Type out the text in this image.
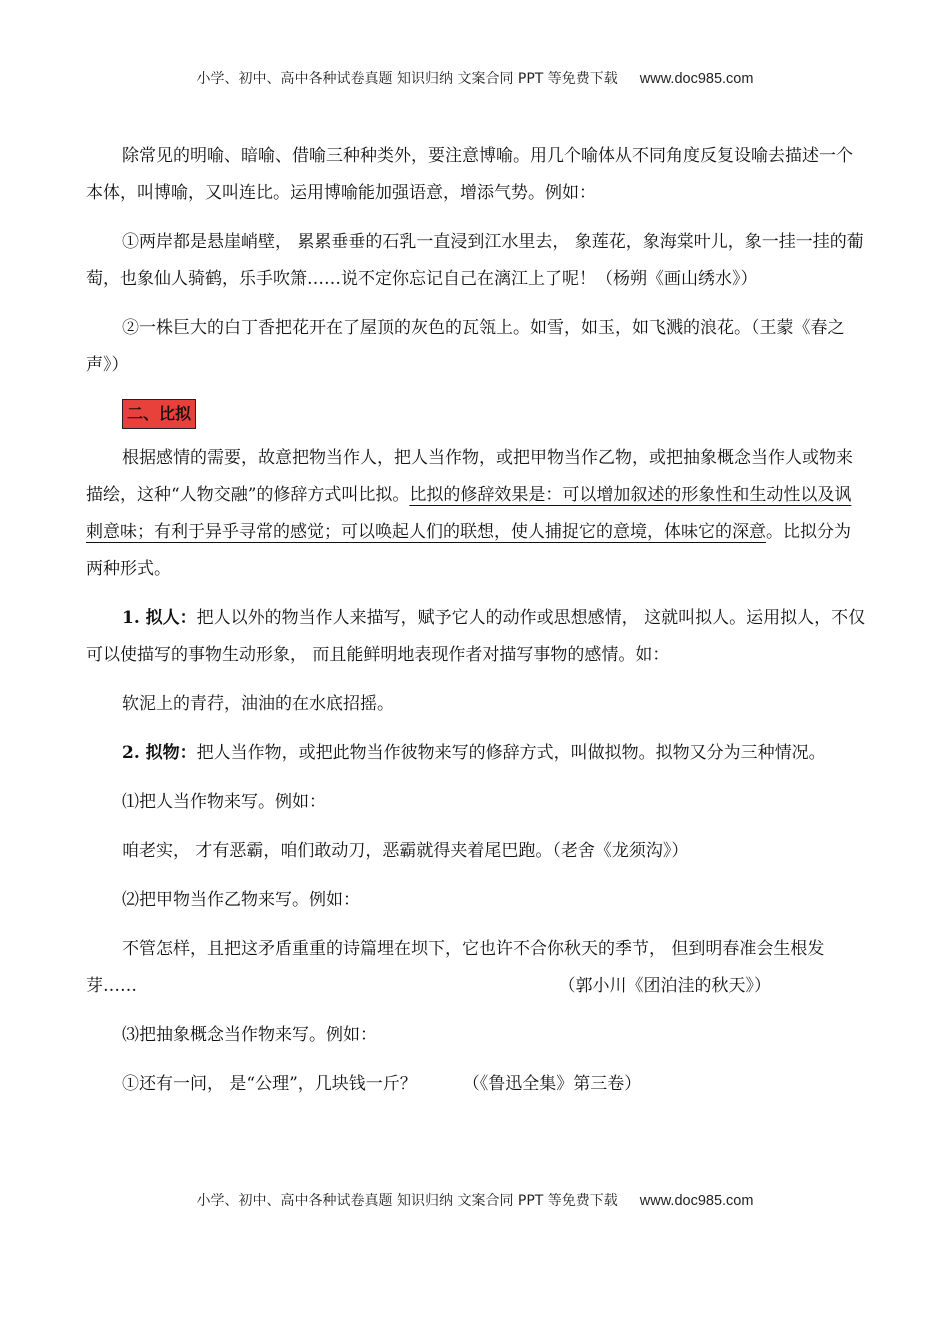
小学、初中、高中各种试卷真题 知识归纳 文案合同 PPT 等免费下载 www.doc985.com

除常见的明喻、暗喻、借喻三种种类外，要注意博喻。用几个喻体从不同角度反复设喻去描述一个本体，叫博喻，又叫连比。运用博喻能加强语意，增添气势。例如：

①两岸都是悬崖峭壁， 累累垂垂的石乳一直浸到江水里去， 象莲花，象海棠叶儿，象一挂一挂的葡萄，也象仙人骑鹤，乐手吹箫……说不定你忘记自己在漓江上了呢！（杨朔《画山绣水》）

②一株巨大的白丁香把花开在了屋顶的灰色的瓦瓴上。如雪，如玉，如飞溅的浪花。（王蒙《春之声》）

二、比拟

根据感情的需要，故意把物当作人，把人当作物，或把甲物当作乙物，或把抽象概念当作人或物来描绘，这种“人物交融”的修辞方式叫比拟。比拟的修辞效果是：可以增加叙述的形象性和生动性以及讽刺意味；有利于异乎寻常的感觉；可以唤起人们的联想，使人捕捉它的意境，体味它的深意。比拟分为两种形式。

1. 拟人：把人以外的物当作人来描写，赋予它人的动作或思想感情， 这就叫拟人。运用拟人，不仅可以使描写的事物生动形象， 而且能鲜明地表现作者对描写事物的感情。如：

软泥上的青荇，油油的在水底招摇。

2. 拟物：把人当作物，或把此物当作彼物来写的修辞方式，叫做拟物。拟物又分为三种情况。

⑴把人当作物来写。例如：

咱老实， 才有恶霸，咱们敢动刀，恶霸就得夹着尾巴跑。（老舍《龙须沟》）

⑵把甲物当作乙物来写。例如：

不管怎样，且把这矛盾重重的诗篇埋在坝下，它也许不合你秋天的季节， 但到明春准会生根发芽……	（郭小川《团泊洼的秋天》）

⑶把抽象概念当作物来写。例如：

①还有一问， 是“公理”，几块钱一斤？	（《鲁迅全集》第三卷）

小学、初中、高中各种试卷真题 知识归纳 文案合同 PPT 等免费下载 www.doc985.com
